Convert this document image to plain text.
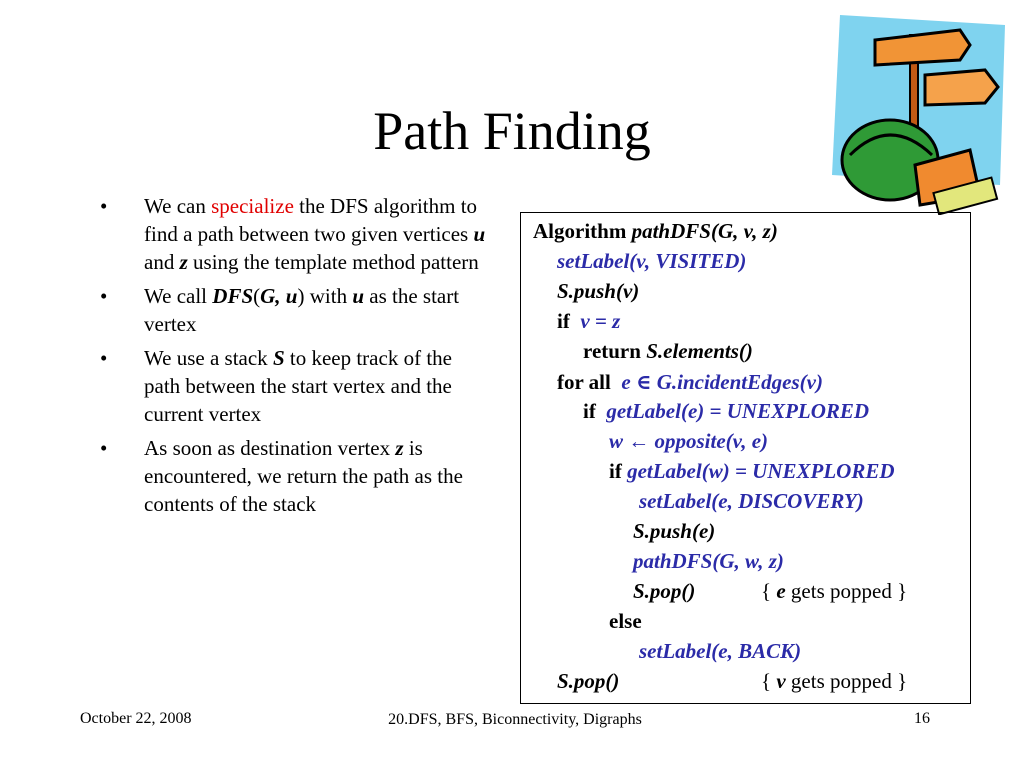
Path Finding
• We can specialize the DFS algorithm to find a path between two given vertices u and z using the template method pattern
• We call DFS(G, u) with u as the start vertex
• We use a stack S to keep track of the path between the start vertex and the current vertex
• As soon as destination vertex z is encountered, we return the path as the contents of the stack
Algorithm pathDFS(G, v, z)
setLabel(v, VISITED)
S.push(v)
if v = z
return S.elements()
for all e ∈ G.incidentEdges(v)
if getLabel(e) = UNEXPLORED
w ← opposite(v, e)
if getLabel(w) = UNEXPLORED
setLabel(e, DISCOVERY)
S.push(e)
pathDFS(G, w, z)
S.pop()	{ e gets popped }
else
setLabel(e, BACK)
S.pop()	{ v gets popped }
October 22, 2008	20.DFS, BFS, Biconnectivity, Digraphs	16
